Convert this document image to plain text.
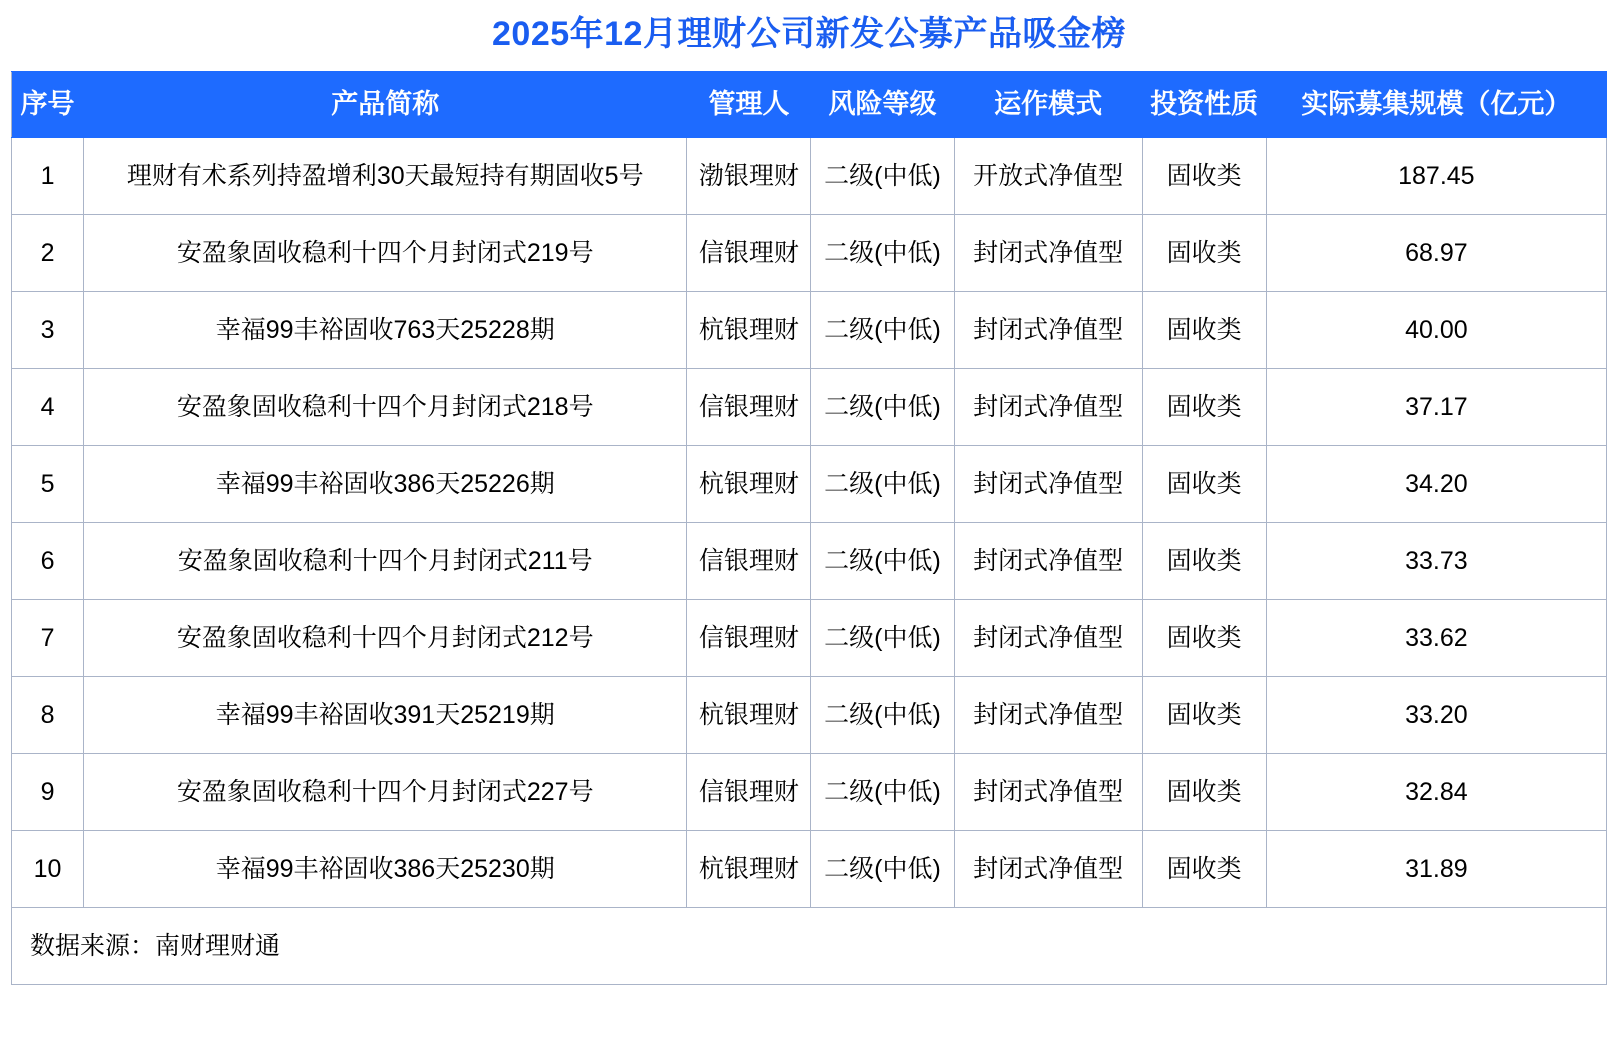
2025年12月理财公司新发公募产品吸金榜
序号	产品简称	管理人	风险等级	运作模式	投资性质	实际募集规模（亿元）
1	理财有术系列持盈增利30天最短持有期固收5号	渤银理财	二级(中低)	开放式净值型	固收类	187.45
2	安盈象固收稳利十四个月封闭式219号	信银理财	二级(中低)	封闭式净值型	固收类	68.97
3	幸福99丰裕固收763天25228期	杭银理财	二级(中低)	封闭式净值型	固收类	40.00
4	安盈象固收稳利十四个月封闭式218号	信银理财	二级(中低)	封闭式净值型	固收类	37.17
5	幸福99丰裕固收386天25226期	杭银理财	二级(中低)	封闭式净值型	固收类	34.20
6	安盈象固收稳利十四个月封闭式211号	信银理财	二级(中低)	封闭式净值型	固收类	33.73
7	安盈象固收稳利十四个月封闭式212号	信银理财	二级(中低)	封闭式净值型	固收类	33.62
8	幸福99丰裕固收391天25219期	杭银理财	二级(中低)	封闭式净值型	固收类	33.20
9	安盈象固收稳利十四个月封闭式227号	信银理财	二级(中低)	封闭式净值型	固收类	32.84
10	幸福99丰裕固收386天25230期	杭银理财	二级(中低)	封闭式净值型	固收类	31.89
数据来源：南财理财通						
